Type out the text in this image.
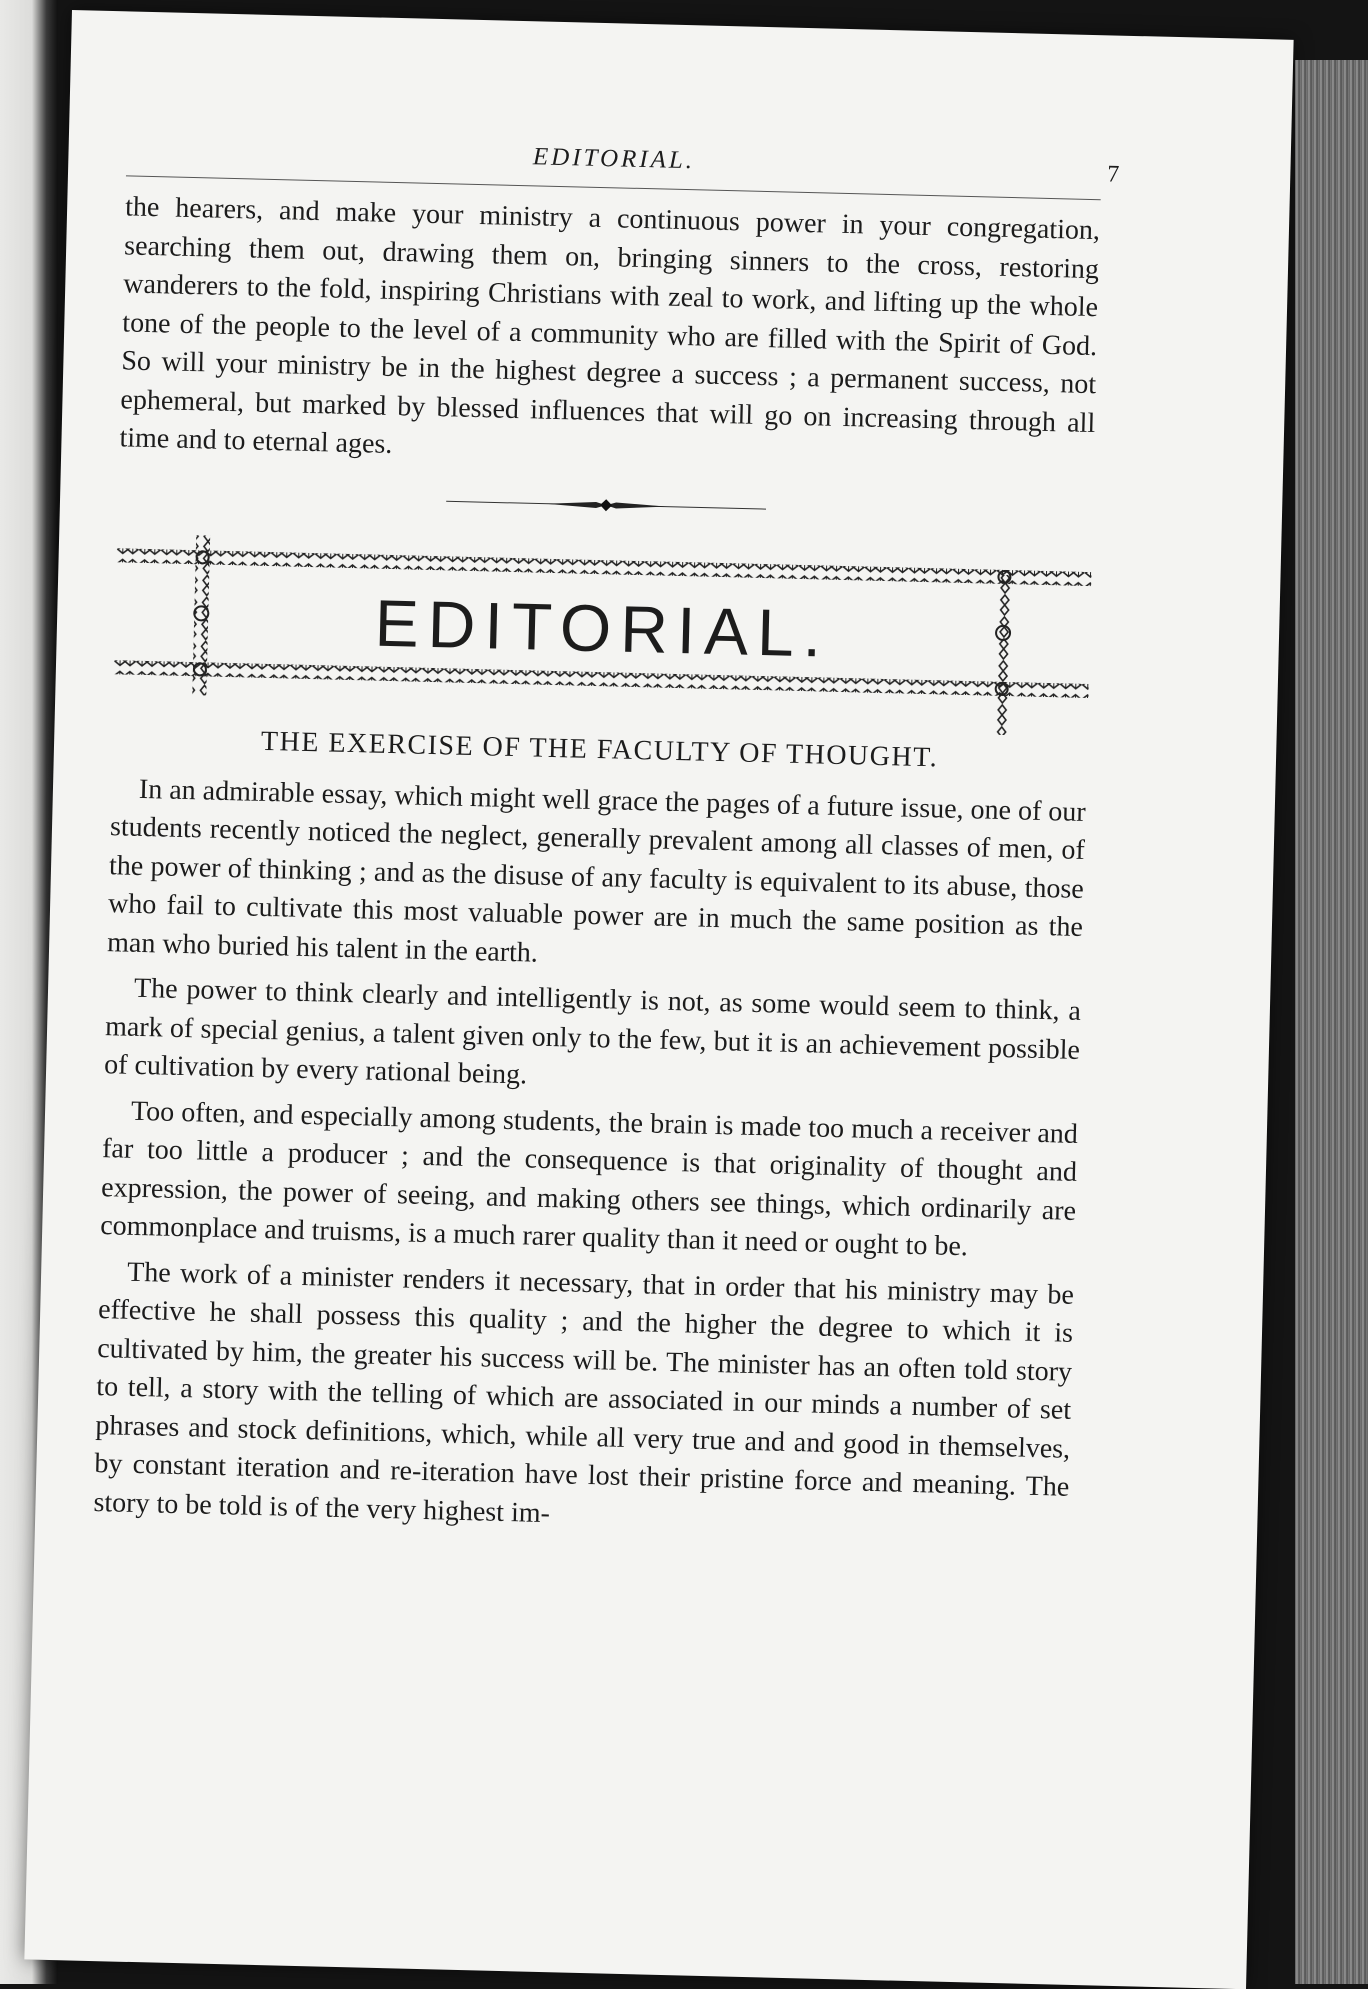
EDITORIAL.
7

the hearers, and make your ministry a continuous power in your congregation, searching them out, drawing them on, bringing sinners to the cross, restoring wanderers to the fold, inspiring Christians with zeal to work, and lifting up the whole tone of the people to the level of a community who are filled with the Spirit of God. So will your ministry be in the highest degree a success ; a permanent success, not ephemeral, but marked by blessed influences that will go on increasing through all time and to eternal ages.

EDITORIAL.
THE EXERCISE OF THE FACULTY OF THOUGHT.

In an admirable essay, which might well grace the pages of a future issue, one of our students recently noticed the neglect, generally prevalent among all classes of men, of the power of thinking ; and as the disuse of any faculty is equivalent to its abuse, those who fail to cultivate this most valuable power are in much the same position as the man who buried his talent in the earth.

The power to think clearly and intelligently is not, as some would seem to think, a mark of special genius, a talent given only to the few, but it is an achievement possible of cultivation by every rational being.

Too often, and especially among students, the brain is made too much a receiver and far too little a producer ; and the consequence is that originality of thought and expression, the power of seeing, and making others see things, which ordinarily are commonplace and truisms, is a much rarer quality than it need or ought to be.

The work of a minister renders it necessary, that in order that his ministry may be effective he shall possess this quality ; and the higher the degree to which it is cultivated by him, the greater his success will be. The minister has an often told story to tell, a story with the telling of which are associated in our minds a number of set phrases and stock definitions, which, while all very true and and good in themselves, by constant iteration and re-iteration have lost their pristine force and meaning. The story to be told is of the very highest im-
